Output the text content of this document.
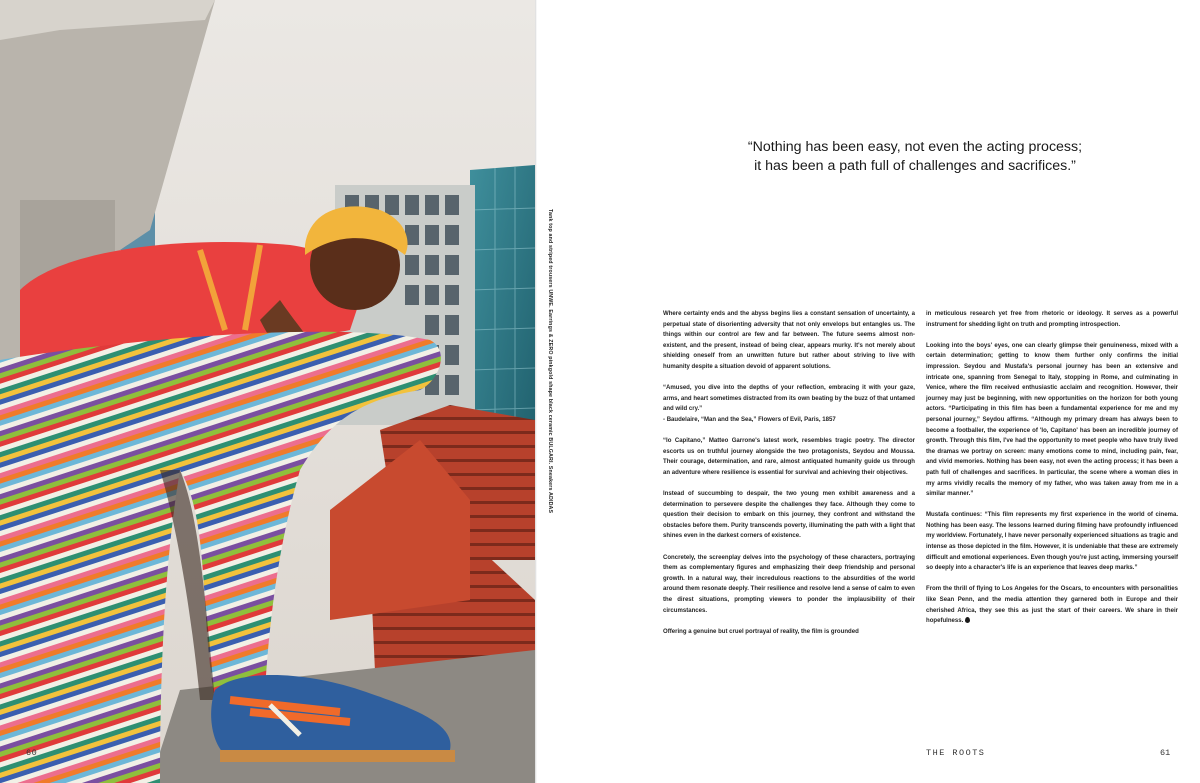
60
Tank top and striped trousers UNWE. Earrings & ZERO pinkgold shape black ceramic BULGARI. Sneakers ADIDAS

“Nothing has been easy, not even the acting process;

it has been a path full of challenges and sacrifices.”

Where certainty ends and the abyss begins lies a constant sensation of uncertainty, a perpetual state of disorienting adversity that not only envelops but entangles us. The things within our control are few and far between. The future seems almost non-existent, and the present, instead of being clear, appears murky. It's not merely about shielding oneself from an unwritten future but rather about striving to live with humanity despite a situation devoid of apparent solutions.

“Amused, you dive into the depths of your reflection, embracing it with your gaze, arms, and heart sometimes distracted from its own beating by the buzz of that untamed and wild cry.”
- Baudelaire, “Man and the Sea,” Flowers of Evil, Paris, 1857

“Io Capitano,” Matteo Garrone's latest work, resembles tragic poetry. The director escorts us on truthful journey alongside the two protagonists, Seydou and Moussa. Their courage, determination, and rare, almost antiquated humanity guide us through an adventure where resilience is essential for survival and achieving their objectives.

Instead of succumbing to despair, the two young men exhibit awareness and a determination to persevere despite the challenges they face. Although they come to question their decision to embark on this journey, they confront and withstand the obstacles before them. Purity transcends poverty, illuminating the path with a light that shines even in the darkest corners of existence.

Concretely, the screenplay delves into the psychology of these characters, portraying them as complementary figures and emphasizing their deep friendship and personal growth. In a natural way, their incredulous reactions to the absurdities of the world around them resonate deeply. Their resilience and resolve lend a sense of calm to even the direst situations, prompting viewers to ponder the implausibility of their circumstances.

Offering a genuine but cruel portrayal of reality, the film is grounded

in meticulous research yet free from rhetoric or ideology. It serves as a powerful instrument for shedding light on truth and prompting introspection.

Looking into the boys' eyes, one can clearly glimpse their genuineness, mixed with a certain determination; getting to know them further only confirms the initial impression. Seydou and Mustafa's personal journey has been an extensive and intricate one, spanning from Senegal to Italy, stopping in Rome, and culminating in Venice, where the film received enthusiastic acclaim and recognition. However, their journey may just be beginning, with new opportunities on the horizon for both young actors. “Participating in this film has been a fundamental experience for me and my personal journey,” Seydou affirms. “Although my primary dream has always been to become a footballer, the experience of 'Io, Capitano' has been an incredible journey of growth. Through this film, I've had the opportunity to meet people who have truly lived the dramas we portray on screen: many emotions come to mind, including pain, fear, and vivid memories. Nothing has been easy, not even the acting process; it has been a path full of challenges and sacrifices. In particular, the scene where a woman dies in my arms vividly recalls the memory of my father, who was taken away from me in a similar manner.”

Mustafa continues: “This film represents my first experience in the world of cinema. Nothing has been easy. The lessons learned during filming have profoundly influenced my worldview. Fortunately, I have never personally experienced situations as tragic and intense as those depicted in the film. However, it is undeniable that these are extremely difficult and emotional experiences. Even though you're just acting, immersing yourself so deeply into a character's life is an experience that leaves deep marks.”

From the thrill of flying to Los Angeles for the Oscars, to encounters with personalities like Sean Penn, and the media attention they garnered both in Europe and their cherished Africa, they see this as just the start of their careers. We share in their hopefulness.

THE ROOTS	61
